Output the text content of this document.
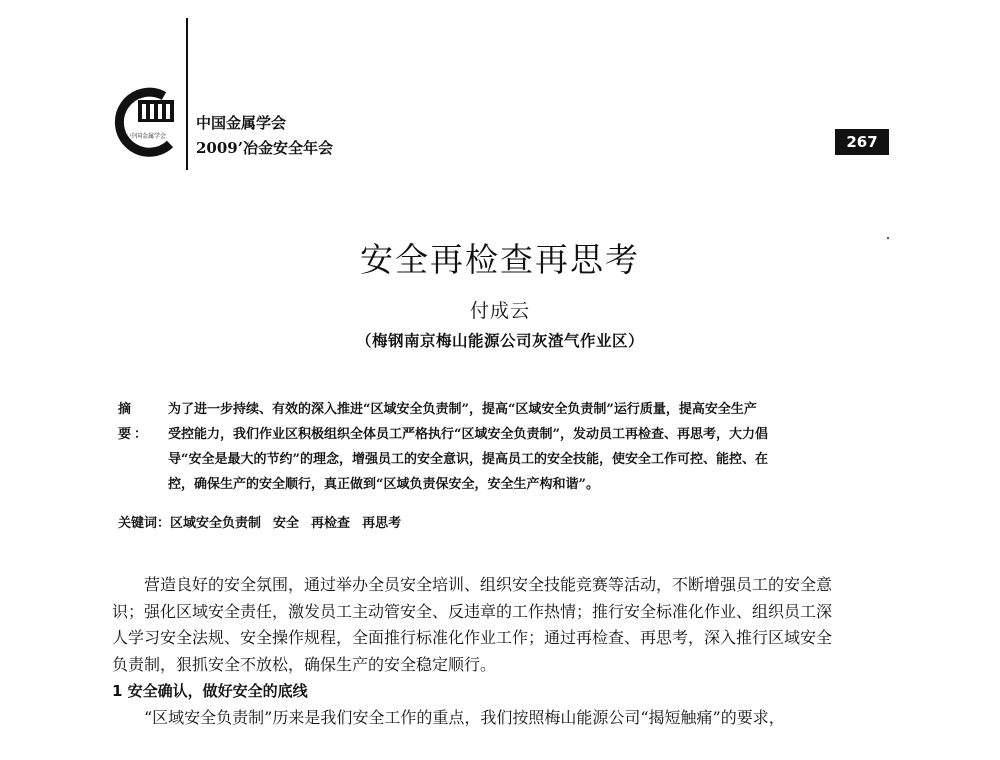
中国金属学会
中国金属学会
2009’冶金安全年会	267
安全再检查再思考
付成云
（梅钢南京梅山能源公司灰渣气作业区）
摘 要：
为了进一步持续、有效的深入推进“区域安全负责制”，提高“区域安全负责制”运行质量，提高安全生产
受控能力，我们作业区积极组织全体员工严格执行“区域安全负责制”，发动员工再检查、再思考，大力倡
导“安全是最大的节约”的理念，增强员工的安全意识，提高员工的安全技能，使安全工作可控、能控、在
控，确保生产的安全顺行，真正做到“区域负责保安全，安全生产构和谐”。
关键词：区域安全负责制 安全 再检查 再思考
营造良好的安全氛围，通过举办全员安全培训、组织安全技能竞赛等活动，不断增强员工的安全意
识；强化区域安全责任，激发员工主动管安全、反违章的工作热情；推行安全标准化作业、组织员工深
人学习安全法规、安全操作规程，全面推行标准化作业工作；通过再检查、再思考，深入推行区域安全
负责制，狠抓安全不放松，确保生产的安全稳定顺行。
1 安全确认，做好安全的底线
“区域安全负责制”历来是我们安全工作的重点，我们按照梅山能源公司“揭短触痛”的要求，
